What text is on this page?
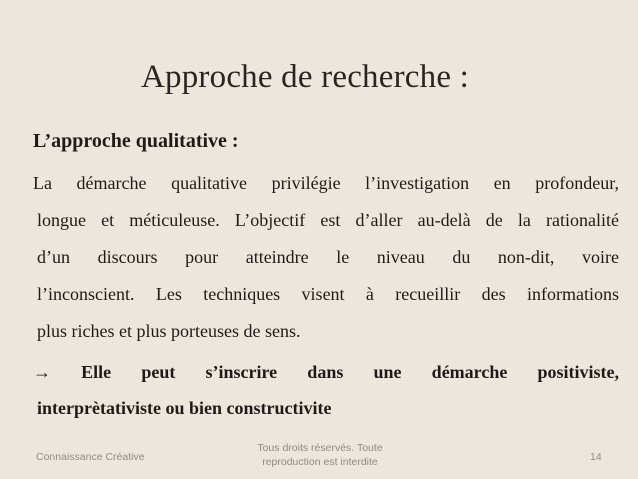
Approche de recherche :
L’approche qualitative :
La démarche qualitative privilégie l’investigation en profondeur,
longue et méticuleuse. L’objectif est d’aller au-delà de la rationalité
d’un discours pour atteindre le niveau du non-dit, voire
l’inconscient. Les techniques visent à recueillir des informations
plus riches et plus porteuses de sens.
→ Elle peut s’inscrire dans une démarche positiviste,
interprètativiste ou bien constructivite
Connaissance Créative
Tous droits réservés. Toute
reproduction est interdite	14
